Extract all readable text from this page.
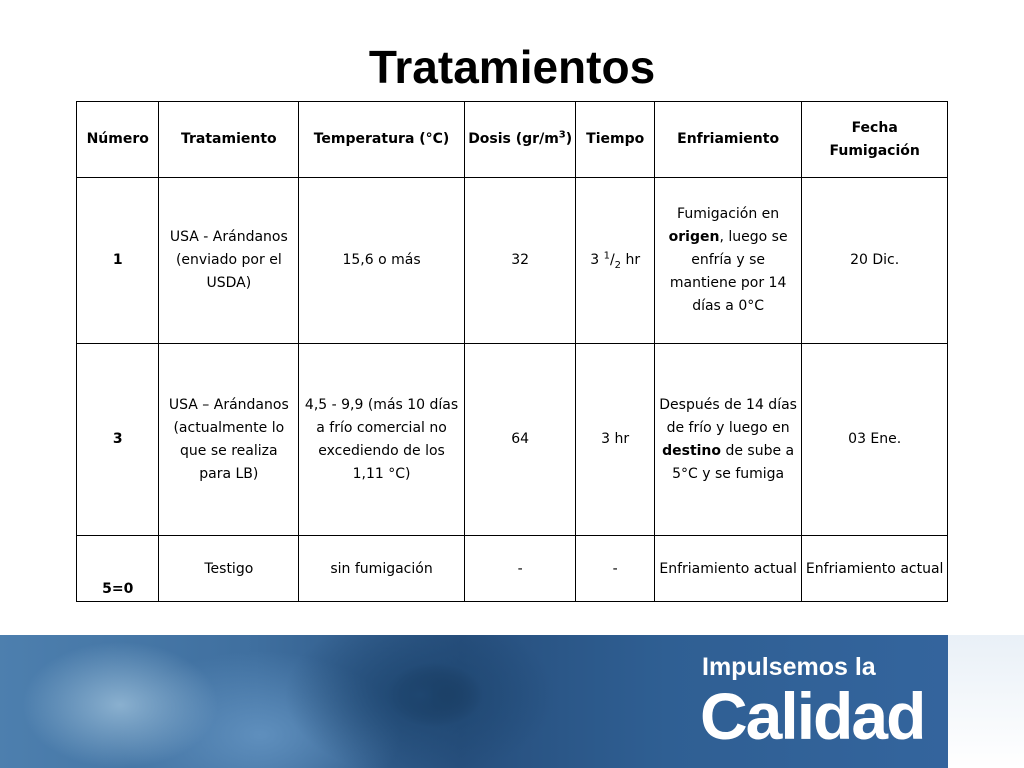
Tratamientos
Número	Tratamiento	Temperatura (°C)	Dosis $(gr/m^3)$	Tiempo	Enfriamiento	Fecha Fumigación
1	USA - Arándanos (enviado por el USDA)	15,6 o más	32	3 $^1/_2$ hr	Fumigación en origen, luego se enfría y se mantiene por 14 días a 0°C	20 Dic.
3	USA – Arándanos (actualmente lo que se realiza para LB)	4,5 - 9,9 (más 10 días a frío comercial no excediendo de los 1,11 °C)	64	3 hr	Después de 14 días de frío y luego en destino de sube a 5°C y se fumiga	03 Ene.
5=0	Testigo	sin fumigación	-	-	Enfriamiento actual	Enfriamiento actual
Impulsemos la
Calidad
